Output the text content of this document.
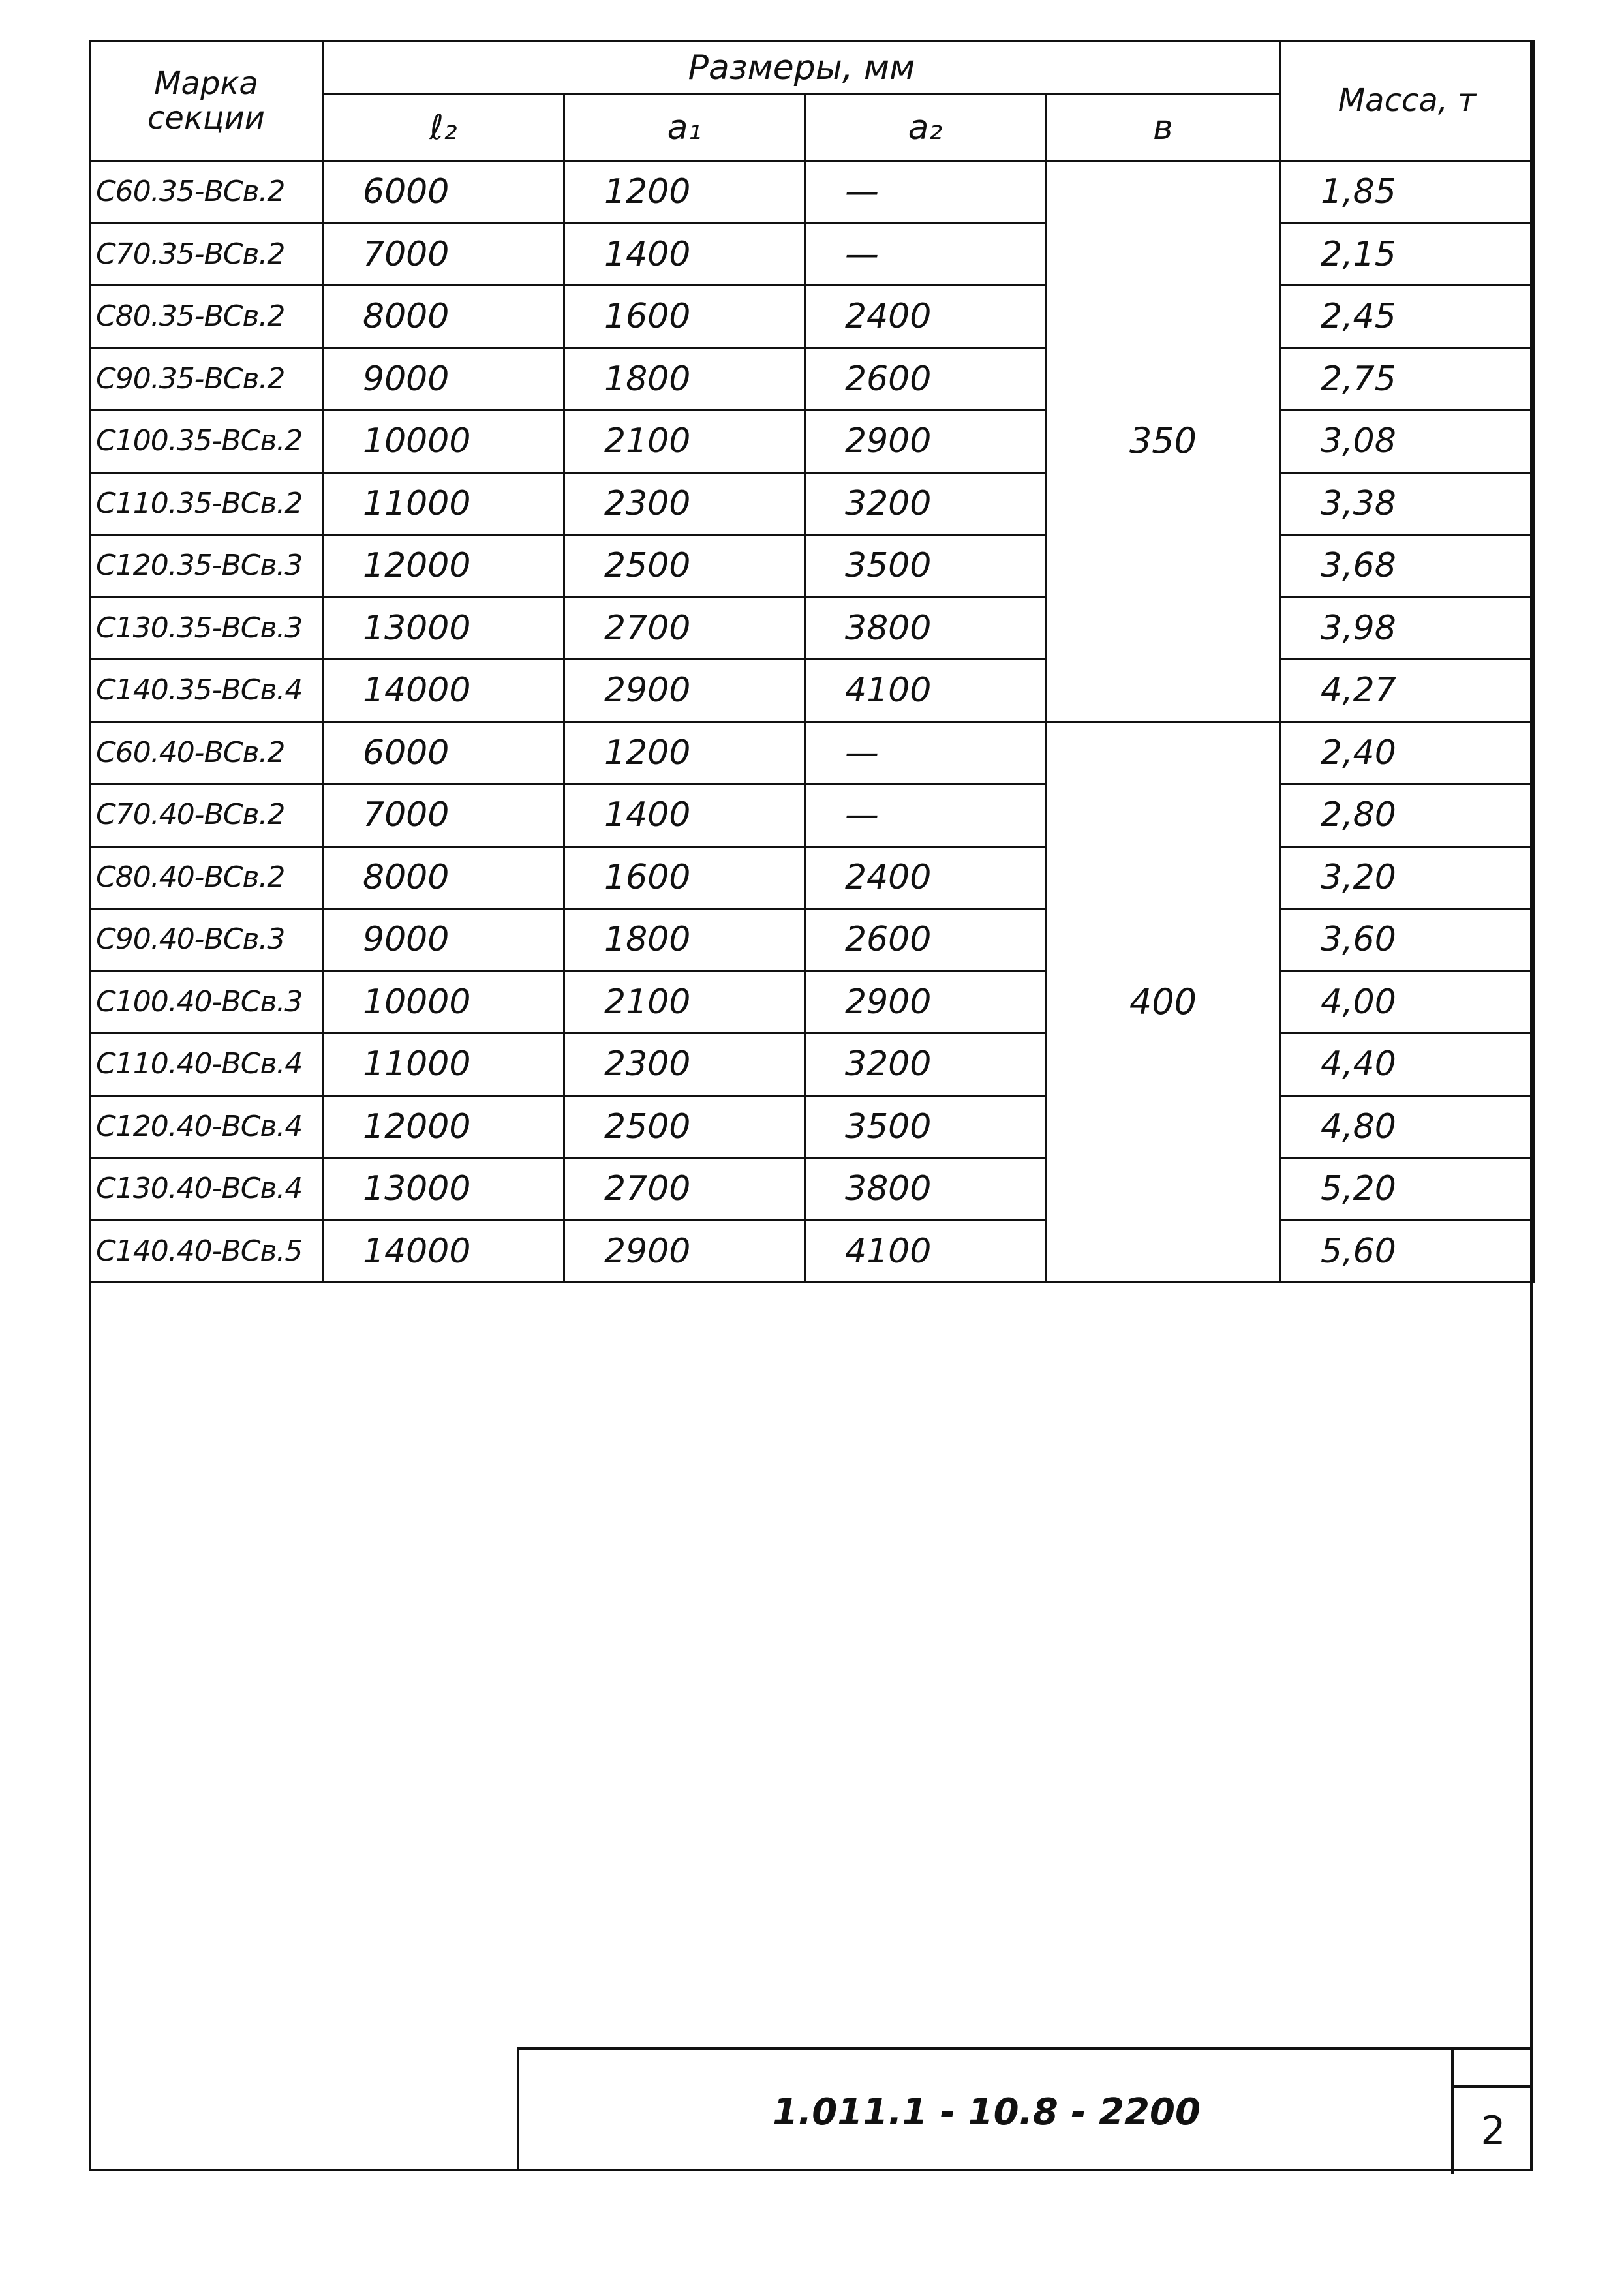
Марка секции	Размеры, мм				Масса, т
	ℓ₂	a₁	a₂	в	
С60.35-ВСв.2	6000	1200	—	350	1,85
С70.35-ВСв.2	7000	1400	—		2,15
С80.35-ВСв.2	8000	1600	2400		2,45
С90.35-ВСв.2	9000	1800	2600		2,75
С100.35-ВСв.2	10000	2100	2900		3,08
С110.35-ВСв.2	11000	2300	3200		3,38
С120.35-ВСв.3	12000	2500	3500		3,68
С130.35-ВСв.3	13000	2700	3800		3,98
С140.35-ВСв.4	14000	2900	4100		4,27
С60.40-ВСв.2	6000	1200	—	400	2,40
С70.40-ВСв.2	7000	1400	—		2,80
С80.40-ВСв.2	8000	1600	2400		3,20
С90.40-ВСв.3	9000	1800	2600		3,60
С100.40-ВСв.3	10000	2100	2900		4,00
С110.40-ВСв.4	11000	2300	3200		4,40
С120.40-ВСв.4	12000	2500	3500		4,80
С130.40-ВСв.4	13000	2700	3800		5,20
С140.40-ВСв.5	14000	2900	4100		5,60
1.011.1 - 10.8 - 2200	2
